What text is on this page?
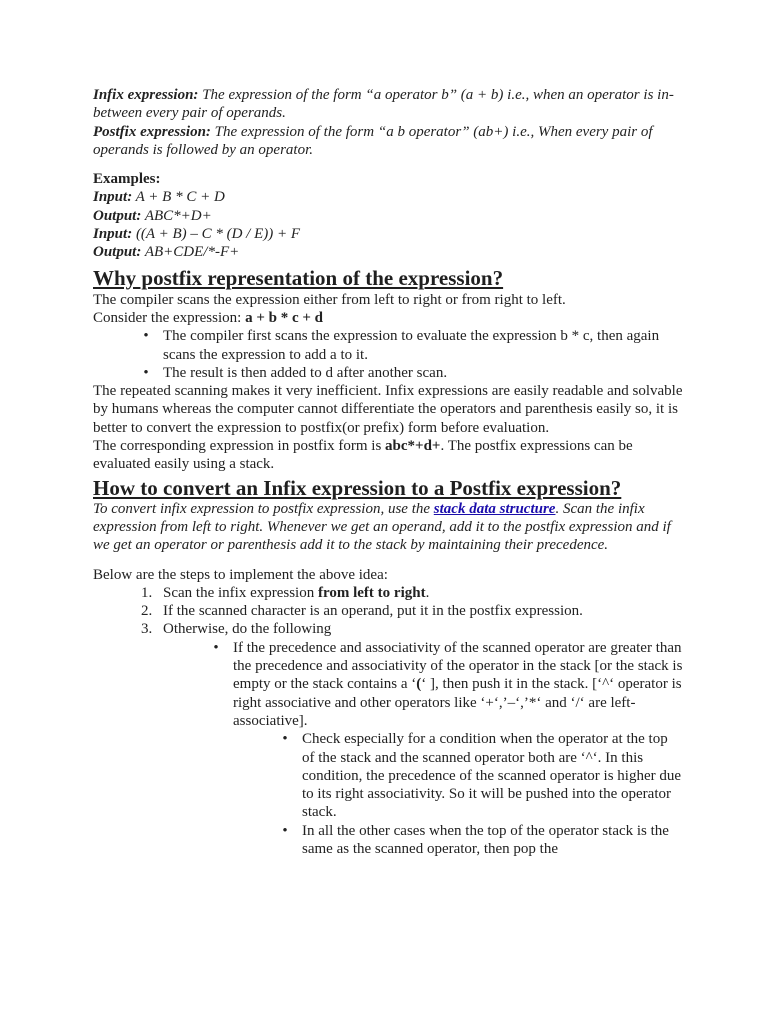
Infix expression: The expression of the form “a operator b” (a + b) i.e., when an operator is in-between every pair of operands.

Postfix expression: The expression of the form “a b operator” (ab+) i.e., When every pair of operands is followed by an operator.

Examples:

Input: A + B * C + D

Output: ABC*+D+

Input: ((A + B) – C * (D / E)) + F

Output: AB+CDE/*-F+

Why postfix representation of the expression?

The compiler scans the expression either from left to right or from right to left.

Consider the expression: a + b * c + d

• The compiler first scans the expression to evaluate the expression b * c, then again scans the expression to add a to it.
• The result is then added to d after another scan.

The repeated scanning makes it very inefficient. Infix expressions are easily readable and solvable by humans whereas the computer cannot differentiate the operators and parenthesis easily so, it is better to convert the expression to postfix(or prefix) form before evaluation.

The corresponding expression in postfix form is abc*+d+. The postfix expressions can be evaluated easily using a stack.

How to convert an Infix expression to a Postfix expression?

To convert infix expression to postfix expression, use the stack data structure. Scan the infix expression from left to right. Whenever we get an operand, add it to the postfix expression and if we get an operator or parenthesis add it to the stack by maintaining their precedence.

Below are the steps to implement the above idea:

1. Scan the infix expression from left to right.
2. If the scanned character is an operand, put it in the postfix expression.
3. Otherwise, do the following
• If the precedence and associativity of the scanned operator are greater than the precedence and associativity of the operator in the stack [or the stack is empty or the stack contains a ‘(‘ ], then push it in the stack. [‘^‘ operator is right associative and other operators like ‘+‘,’–‘,’*‘ and ‘/‘ are left-associative].
• Check especially for a condition when the operator at the top of the stack and the scanned operator both are ‘^‘. In this condition, the precedence of the scanned operator is higher due to its right associativity. So it will be pushed into the operator stack.
• In all the other cases when the top of the operator stack is the same as the scanned operator, then pop the
